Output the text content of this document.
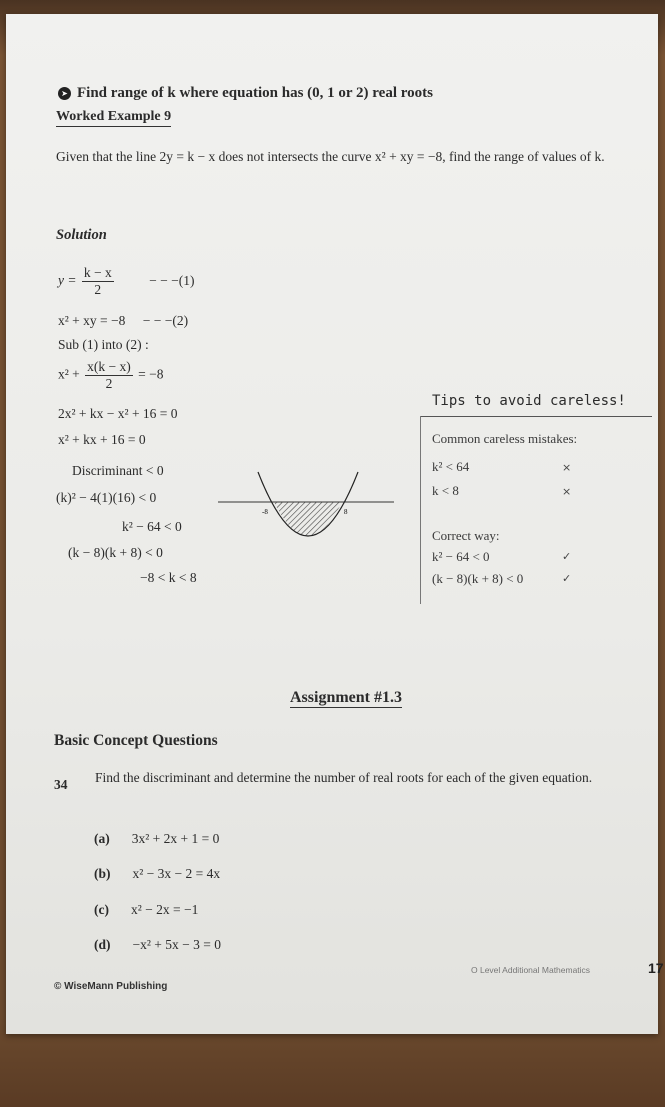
➤ Find range of k where equation has (0, 1 or 2) real roots
Worked Example 9
Given that the line 2y = k − x does not intersects the curve x² + xy = −8, find the range of values of k.
Solution
$y = \frac{k - x}{2}$	− − −(1)
x² + xy = −8 − − −(2)
Sub (1) into (2) :
$x^2 + \frac{x(k - x)}{2} = -8$
2x² + kx − x² + 16 = 0
x² + kx + 16 = 0
Discriminant < 0
(k)² − 4(1)(16) < 0
k² − 64 < 0
(k − 8)(k + 8) < 0
−8 < k < 8
-8	8
Tips to avoid careless!
Common careless mistakes:
k² < 64	×
k < 8	×
Correct way:
k² − 64 < 0	✓
(k − 8)(k + 8) < 0	✓
Assignment #1.3
Basic Concept Questions
34 Find the discriminant and determine the number of real roots for each of the given equation.
(a) 3x² + 2x + 1 = 0
(b) x² − 3x − 2 = 4x
(c) x² − 2x = −1
(d) −x² + 5x − 3 = 0
© WiseMann Publishing
O Level Additional Mathematics	17
